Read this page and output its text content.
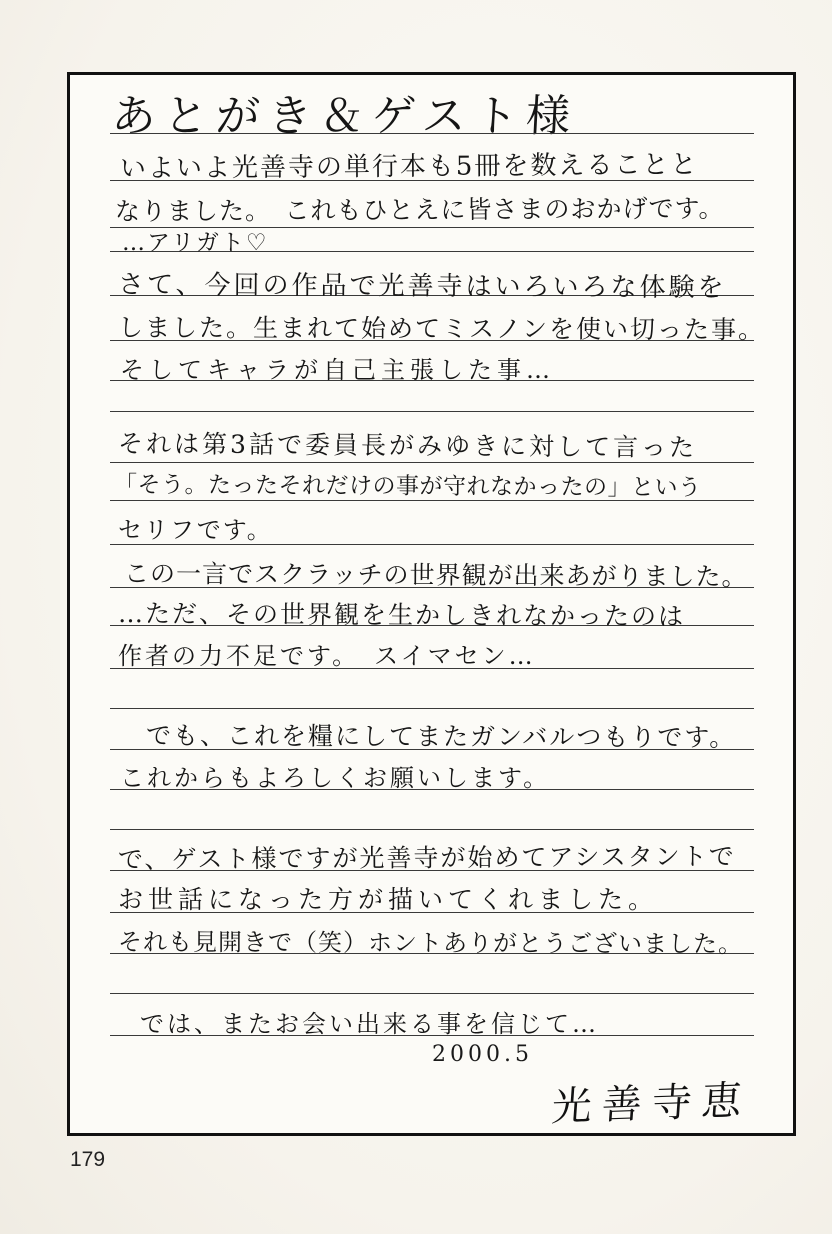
あとがき＆ゲスト様
いよいよ光善寺の単行本も5冊を数えることと
なりました。　これもひとえに皆さまのおかげです。
…アリガト♡
さて、今回の作品で光善寺はいろいろな体験を
しました。生まれて始めてミスノンを使い切った事。
そしてキャラが自己主張した事…
それは第3話で委員長がみゆきに対して言った
「そう。たったそれだけの事が守れなかったの」という
セリフです。
この一言でスクラッチの世界観が出来あがりました。
…ただ、その世界観を生かしきれなかったのは
作者の力不足です。　スイマセン…
でも、これを糧にしてまたガンバルつもりです。
これからもよろしくお願いします。
で、ゲスト様ですが光善寺が始めてアシスタントで
お世話になった方が描いてくれました。
それも見開きで（笑）ホントありがとうございました。
では、またお会い出来る事を信じて…
2000.5
光善寺恵
179
